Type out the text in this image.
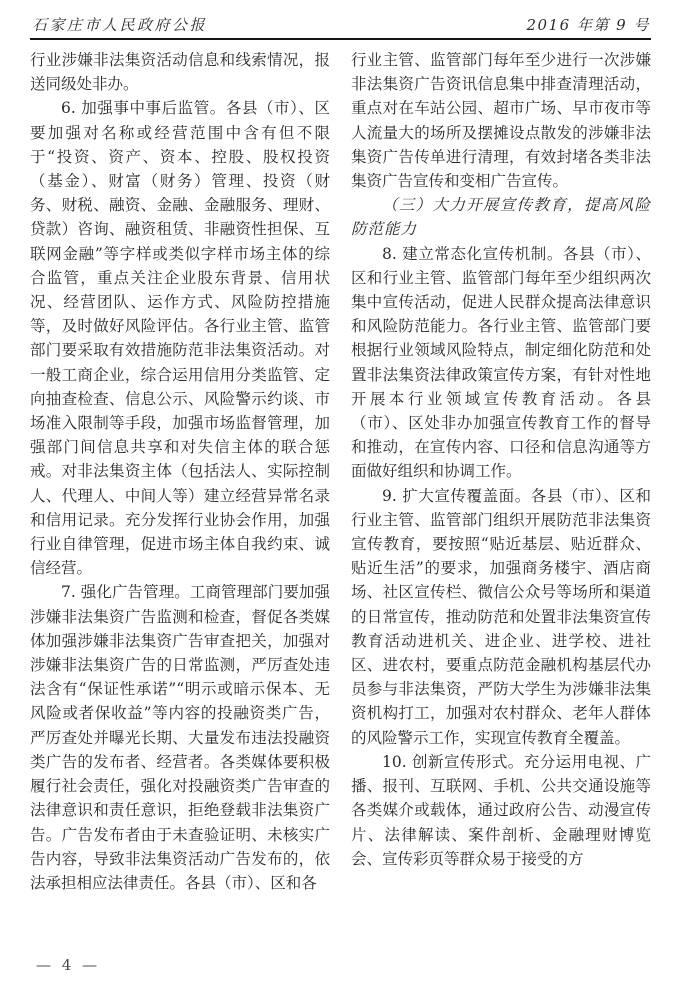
石家庄市人民政府公报	2016 年第 9 号

行业涉嫌非法集资活动信息和线索情况，报送同级处非办。

6. 加强事中事后监管。各县（市）、区要加强对名称或经营范围中含有但不限于“投资、资产、资本、控股、股权投资（基金）、财富（财务）管理、投资（财务、财税、融资、金融、金融服务、理财、贷款）咨询、融资租赁、非融资性担保、互联网金融”等字样或类似字样市场主体的综合监管，重点关注企业股东背景、信用状况、经营团队、运作方式、风险防控措施等，及时做好风险评估。各行业主管、监管部门要采取有效措施防范非法集资活动。对一般工商企业，综合运用信用分类监管、定向抽查检查、信息公示、风险警示约谈、市场准入限制等手段，加强市场监督管理，加强部门间信息共享和对失信主体的联合惩戒。对非法集资主体（包括法人、实际控制人、代理人、中间人等）建立经营异常名录和信用记录。充分发挥行业协会作用，加强行业自律管理，促进市场主体自我约束、诚信经营。

7. 强化广告管理。工商管理部门要加强涉嫌非法集资广告监测和检查，督促各类媒体加强涉嫌非法集资广告审查把关，加强对涉嫌非法集资广告的日常监测，严厉查处违法含有“保证性承诺”“明示或暗示保本、无风险或者保收益”等内容的投融资类广告，严厉查处并曝光长期、大量发布违法投融资类广告的发布者、经营者。各类媒体要积极履行社会责任，强化对投融资类广告审查的法律意识和责任意识，拒绝登载非法集资广告。广告发布者由于未查验证明、未核实广告内容，导致非法集资活动广告发布的，依法承担相应法律责任。各县（市）、区和各

行业主管、监管部门每年至少进行一次涉嫌非法集资广告资讯信息集中排查清理活动，重点对在车站公园、超市广场、早市夜市等人流量大的场所及摆摊设点散发的涉嫌非法集资广告传单进行清理，有效封堵各类非法集资广告宣传和变相广告宣传。

（三）大力开展宣传教育，提高风险防范能力

8. 建立常态化宣传机制。各县（市）、区和行业主管、监管部门每年至少组织两次集中宣传活动，促进人民群众提高法律意识和风险防范能力。各行业主管、监管部门要根据行业领域风险特点，制定细化防范和处置非法集资法律政策宣传方案，有针对性地开展本行业领域宣传教育活动。各县（市）、区处非办加强宣传教育工作的督导和推动，在宣传内容、口径和信息沟通等方面做好组织和协调工作。

9. 扩大宣传覆盖面。各县（市）、区和行业主管、监管部门组织开展防范非法集资宣传教育，要按照“贴近基层、贴近群众、贴近生活”的要求，加强商务楼宇、酒店商场、社区宣传栏、微信公众号等场所和渠道的日常宣传，推动防范和处置非法集资宣传教育活动进机关、进企业、进学校、进社区、进农村，要重点防范金融机构基层代办员参与非法集资，严防大学生为涉嫌非法集资机构打工，加强对农村群众、老年人群体的风险警示工作，实现宣传教育全覆盖。

10. 创新宣传形式。充分运用电视、广播、报刊、互联网、手机、公共交通设施等各类媒介或载体，通过政府公告、动漫宣传片、法律解读、案件剖析、金融理财博览会、宣传彩页等群众易于接受的方

— 4 —
